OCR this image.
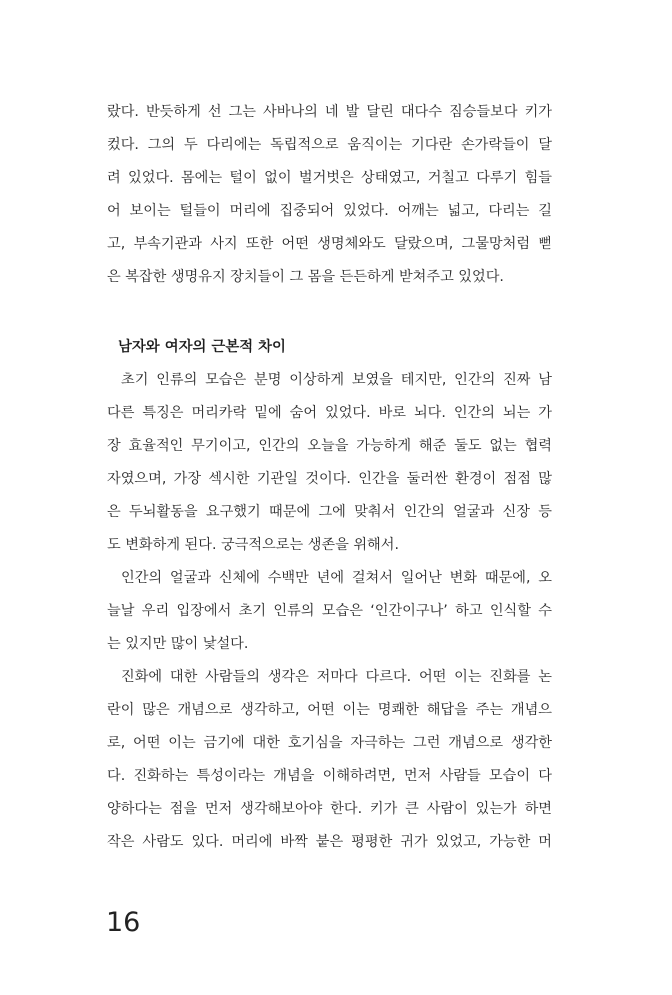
랐다. 반듯하게 선 그는 사바나의 네 발 달린 대다수 짐승들보다 키가
컸다. 그의 두 다리에는 독립적으로 움직이는 기다란 손가락들이 달
려 있었다. 몸에는 털이 없이 벌거벗은 상태였고, 거칠고 다루기 힘들
어 보이는 털들이 머리에 집중되어 있었다. 어깨는 넓고, 다리는 길
고, 부속기관과 사지 또한 어떤 생명체와도 달랐으며, 그물망처럼 뻗
은 복잡한 생명유지 장치들이 그 몸을 든든하게 받쳐주고 있었다.
남자와 여자의 근본적 차이
초기 인류의 모습은 분명 이상하게 보였을 테지만, 인간의 진짜 남
다른 특징은 머리카락 밑에 숨어 있었다. 바로 뇌다. 인간의 뇌는 가
장 효율적인 무기이고, 인간의 오늘을 가능하게 해준 둘도 없는 협력
자였으며, 가장 섹시한 기관일 것이다. 인간을 둘러싼 환경이 점점 많
은 두뇌활동을 요구했기 때문에 그에 맞춰서 인간의 얼굴과 신장 등
도 변화하게 된다. 궁극적으로는 생존을 위해서.
인간의 얼굴과 신체에 수백만 년에 걸쳐서 일어난 변화 때문에, 오
늘날 우리 입장에서 초기 인류의 모습은 ‘인간이구나’ 하고 인식할 수
는 있지만 많이 낯설다.
진화에 대한 사람들의 생각은 저마다 다르다. 어떤 이는 진화를 논
란이 많은 개념으로 생각하고, 어떤 이는 명쾌한 해답을 주는 개념으
로, 어떤 이는 금기에 대한 호기심을 자극하는 그런 개념으로 생각한
다. 진화하는 특성이라는 개념을 이해하려면, 먼저 사람들 모습이 다
양하다는 점을 먼저 생각해보아야 한다. 키가 큰 사람이 있는가 하면
작은 사람도 있다. 머리에 바짝 붙은 평평한 귀가 있었고, 가능한 머
16
